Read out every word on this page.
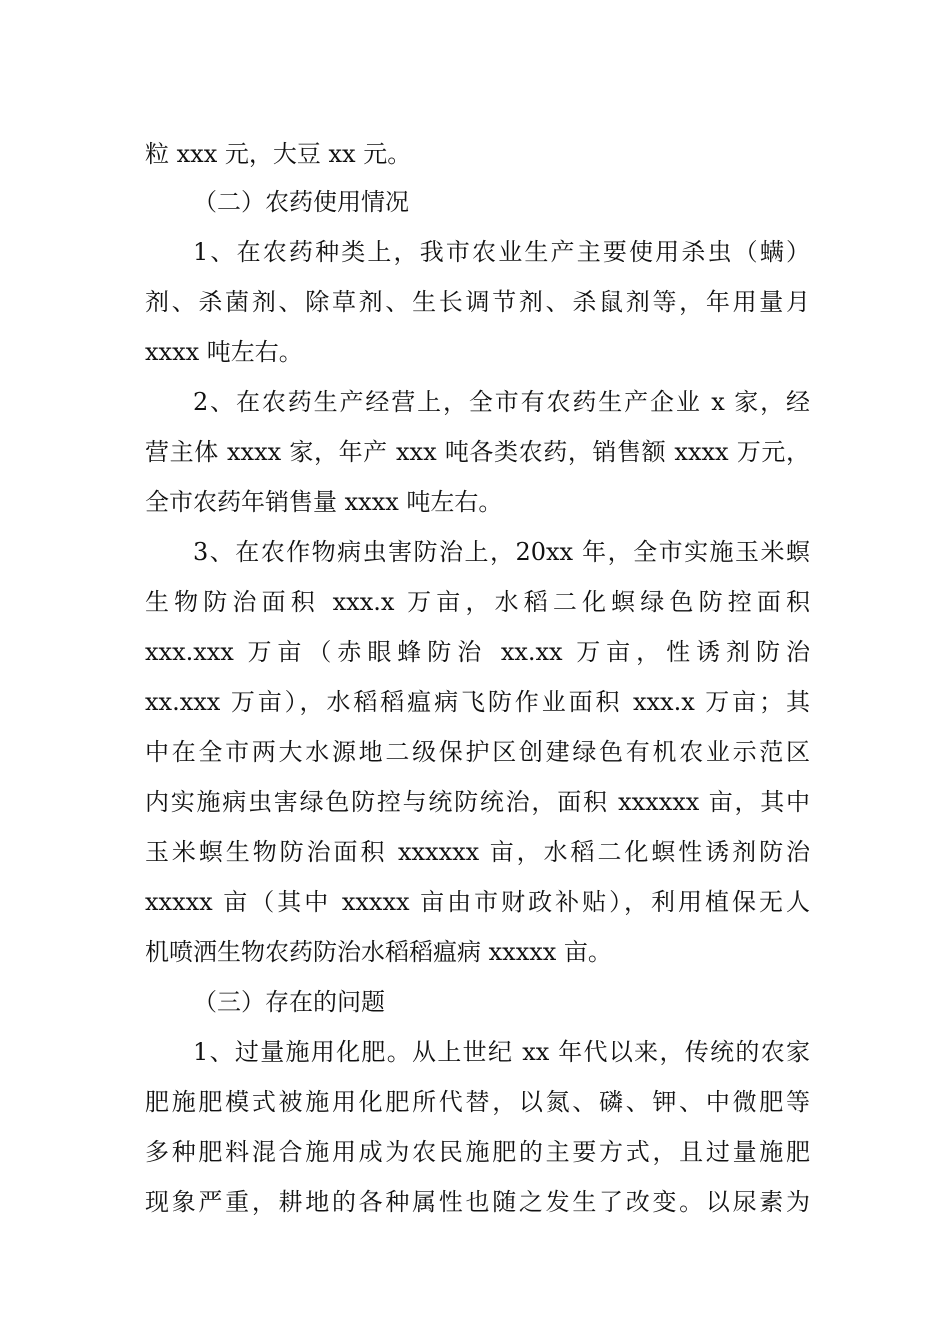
粒 xxx 元，大豆 xx 元。
（二）农药使用情况
1、在农药种类上，我市农业生产主要使用杀虫（螨）
剂、杀菌剂、除草剂、生长调节剂、杀鼠剂等，年用量月
xxxx 吨左右。
2、在农药生产经营上，全市有农药生产企业 x 家，经
营主体 xxxx 家，年产 xxx 吨各类农药，销售额 xxxx 万元，
全市农药年销售量 xxxx 吨左右。
3、在农作物病虫害防治上，20xx 年，全市实施玉米螟
生物防治面积 xxx.x 万亩，水稻二化螟绿色防控面积
xxx.xxx 万亩（赤眼蜂防治 xx.xx 万亩，性诱剂防治
xx.xxx 万亩），水稻稻瘟病飞防作业面积 xxx.x 万亩；其
中在全市两大水源地二级保护区创建绿色有机农业示范区
内实施病虫害绿色防控与统防统治，面积 xxxxxx 亩，其中
玉米螟生物防治面积 xxxxxx 亩，水稻二化螟性诱剂防治
xxxxx 亩（其中 xxxxx 亩由市财政补贴），利用植保无人
机喷洒生物农药防治水稻稻瘟病 xxxxx 亩。
（三）存在的问题
1、过量施用化肥。从上世纪 xx 年代以来，传统的农家
肥施肥模式被施用化肥所代替，以氮、磷、钾、中微肥等
多种肥料混合施用成为农民施肥的主要方式，且过量施肥
现象严重，耕地的各种属性也随之发生了改变。以尿素为
